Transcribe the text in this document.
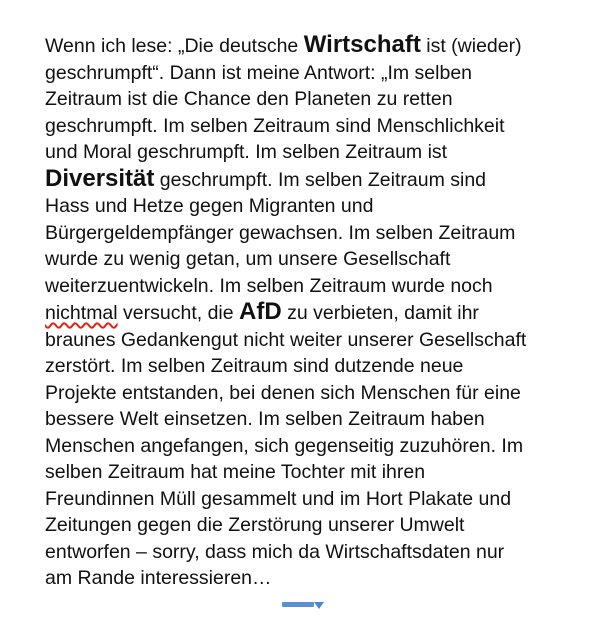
Wenn ich lese: „Die deutsche Wirtschaft ist (wieder)
geschrumpft“. Dann ist meine Antwort: „Im selben
Zeitraum ist die Chance den Planeten zu retten
geschrumpft. Im selben Zeitraum sind Menschlichkeit
und Moral geschrumpft. Im selben Zeitraum ist
Diversität geschrumpft. Im selben Zeitraum sind
Hass und Hetze gegen Migranten und
Bürgergeldempfänger gewachsen. Im selben Zeitraum
wurde zu wenig getan, um unsere Gesellschaft
weiterzuentwickeln. Im selben Zeitraum wurde noch
nichtmal versucht, die AfD zu verbieten, damit ihr
braunes Gedankengut nicht weiter unserer Gesellschaft
zerstört. Im selben Zeitraum sind dutzende neue
Projekte entstanden, bei denen sich Menschen für eine
bessere Welt einsetzen. Im selben Zeitraum haben
Menschen angefangen, sich gegenseitig zuzuhören. Im
selben Zeitraum hat meine Tochter mit ihren
Freundinnen Müll gesammelt und im Hort Plakate und
Zeitungen gegen die Zerstörung unserer Umwelt
entworfen – sorry, dass mich da Wirtschaftsdaten nur
am Rande interessieren…
